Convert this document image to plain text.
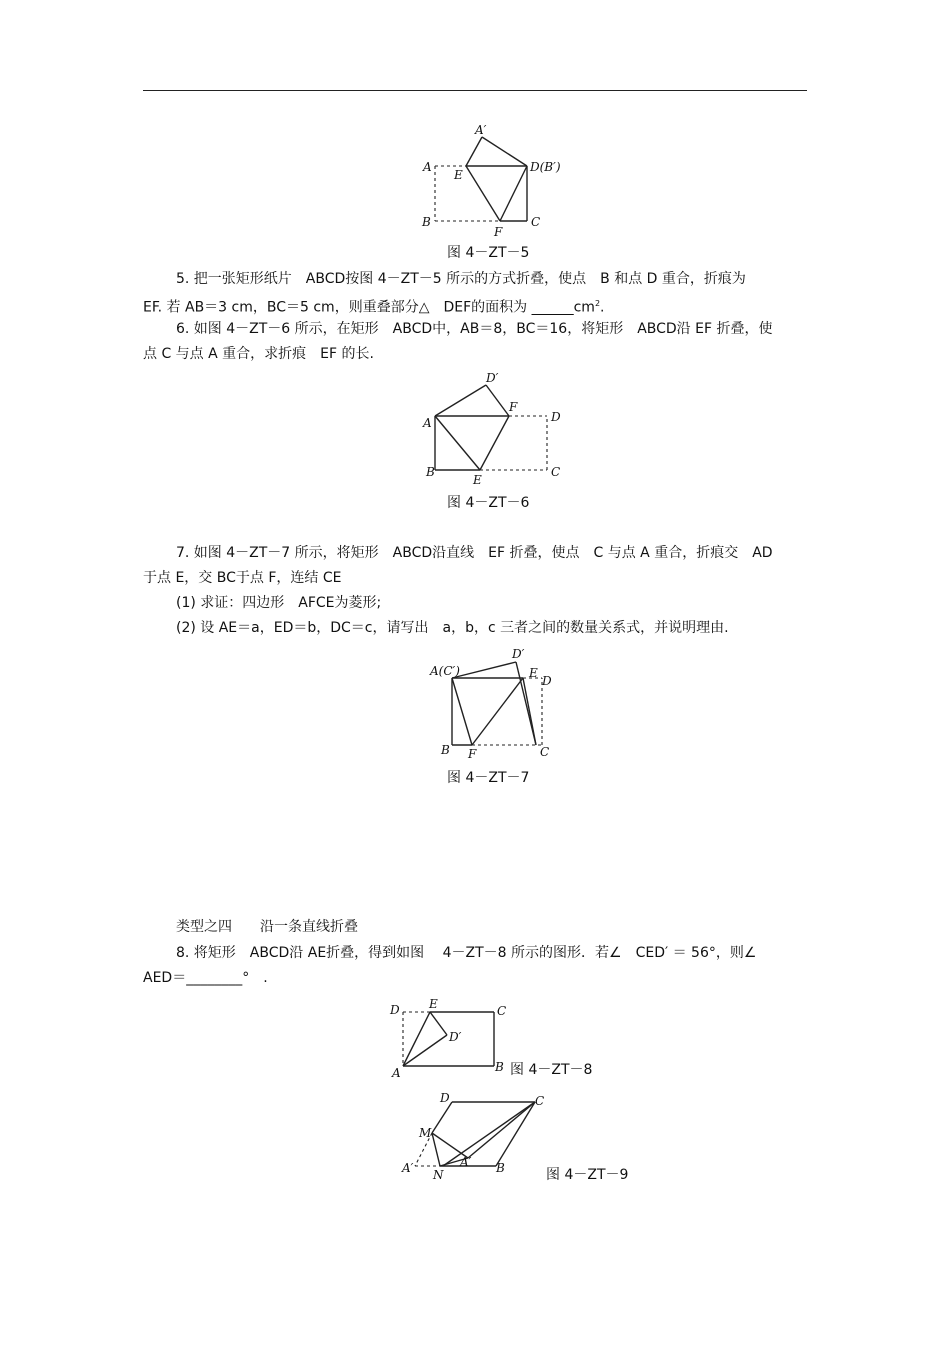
A′
A
E
D(B′)
B
F
C
图 4－ZT－5
5. 把一张矩形纸片　ABCD按图 4－ZT－5 所示的方式折叠，使点　B 和点 D 重合，折痕为
EF. 若 AB＝3 cm，BC＝5 cm，则重叠部分△　DEF的面积为 $\_\_\_\_\_\_cm^2$.
6. 如图 4－ZT－6 所示，在矩形　ABCD中，AB＝8，BC＝16，将矩形　ABCD沿 EF 折叠，使
点 C 与点 A 重合，求折痕　EF 的长.
D′
A
F
D
B
E
C
图 4－ZT－6
7. 如图 4－ZT－7 所示，将矩形　ABCD沿直线　EF 折叠，使点　C 与点 A 重合，折痕交　AD
于点 E，交 BC于点 F，连结 CE
(1) 求证：四边形　AFCE为菱形;
(2) 设 AE＝a，ED＝b，DC＝c，请写出　a，b，c 三者之间的数量关系式，并说明理由.
A(C′)
D′
E
D
B F	C
图 4－ZT－7
类型之四　　沿一条直线折叠
8. 将矩形　ABCD沿 AE折叠，得到如图　 4－ZT－8 所示的图形．若∠　CED′ ＝ 56°，则∠
AED＝________°　.
D E	C
D′
A	B 图 4－ZT－8
D	C
M
A′ N
A′ B	图 4－ZT－9
